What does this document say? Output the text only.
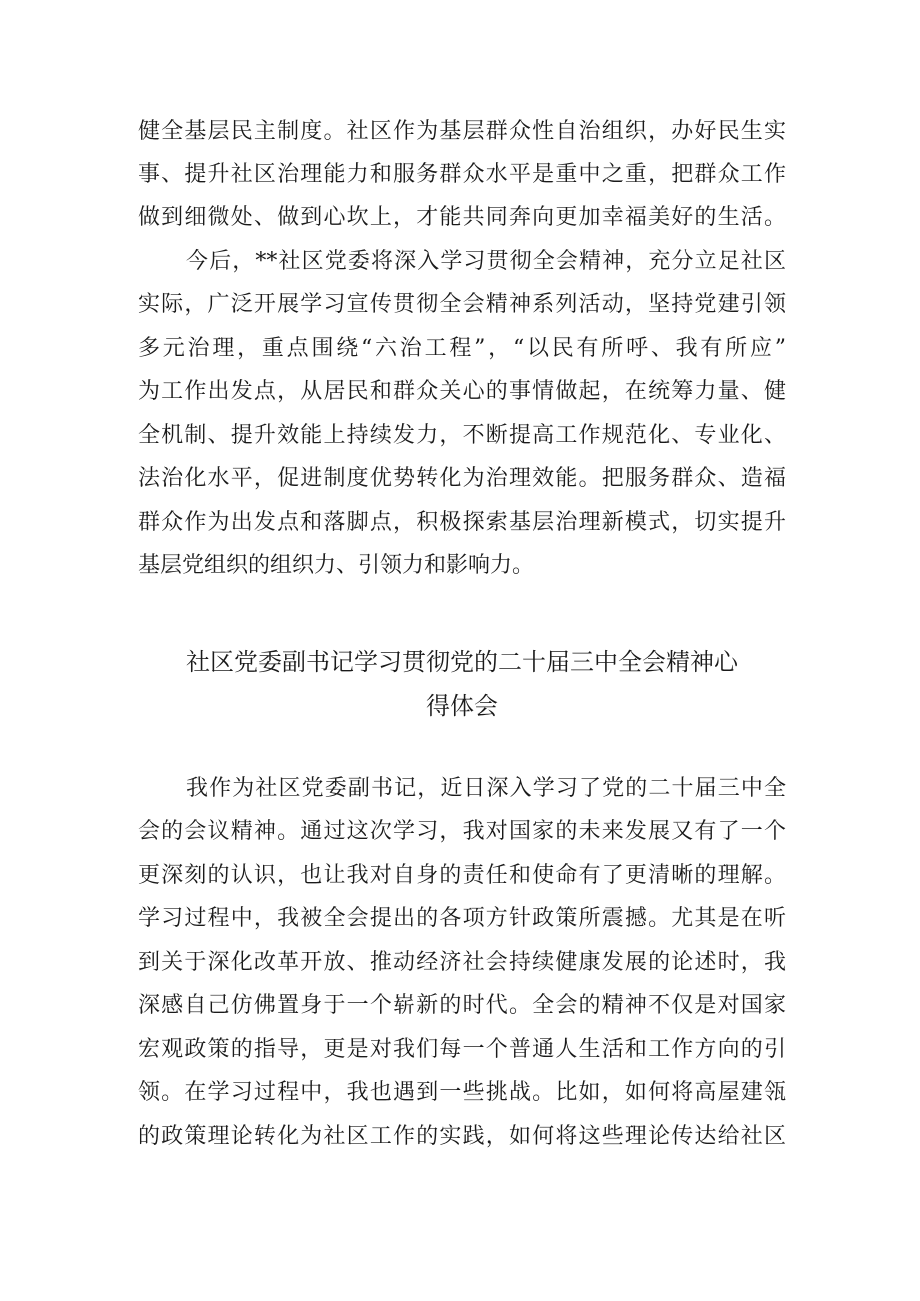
健全基层民主制度。社区作为基层群众性自治组织，办好民生实
事、提升社区治理能力和服务群众水平是重中之重，把群众工作
做到细微处、做到心坎上，才能共同奔向更加幸福美好的生活。
今后，**社区党委将深入学习贯彻全会精神，充分立足社区
实际，广泛开展学习宣传贯彻全会精神系列活动，坚持党建引领
多元治理，重点围绕“六治工程”，“以民有所呼、我有所应”
为工作出发点，从居民和群众关心的事情做起，在统筹力量、健
全机制、提升效能上持续发力，不断提高工作规范化、专业化、
法治化水平，促进制度优势转化为治理效能。把服务群众、造福
群众作为出发点和落脚点，积极探索基层治理新模式，切实提升
基层党组织的组织力、引领力和影响力。
社区党委副书记学习贯彻党的二十届三中全会精神心
得体会
我作为社区党委副书记，近日深入学习了党的二十届三中全
会的会议精神。通过这次学习，我对国家的未来发展又有了一个
更深刻的认识，也让我对自身的责任和使命有了更清晰的理解。
学习过程中，我被全会提出的各项方针政策所震撼。尤其是在听
到关于深化改革开放、推动经济社会持续健康发展的论述时，我
深感自己仿佛置身于一个崭新的时代。全会的精神不仅是对国家
宏观政策的指导，更是对我们每一个普通人生活和工作方向的引
领。在学习过程中，我也遇到一些挑战。比如，如何将高屋建瓴
的政策理论转化为社区工作的实践，如何将这些理论传达给社区
